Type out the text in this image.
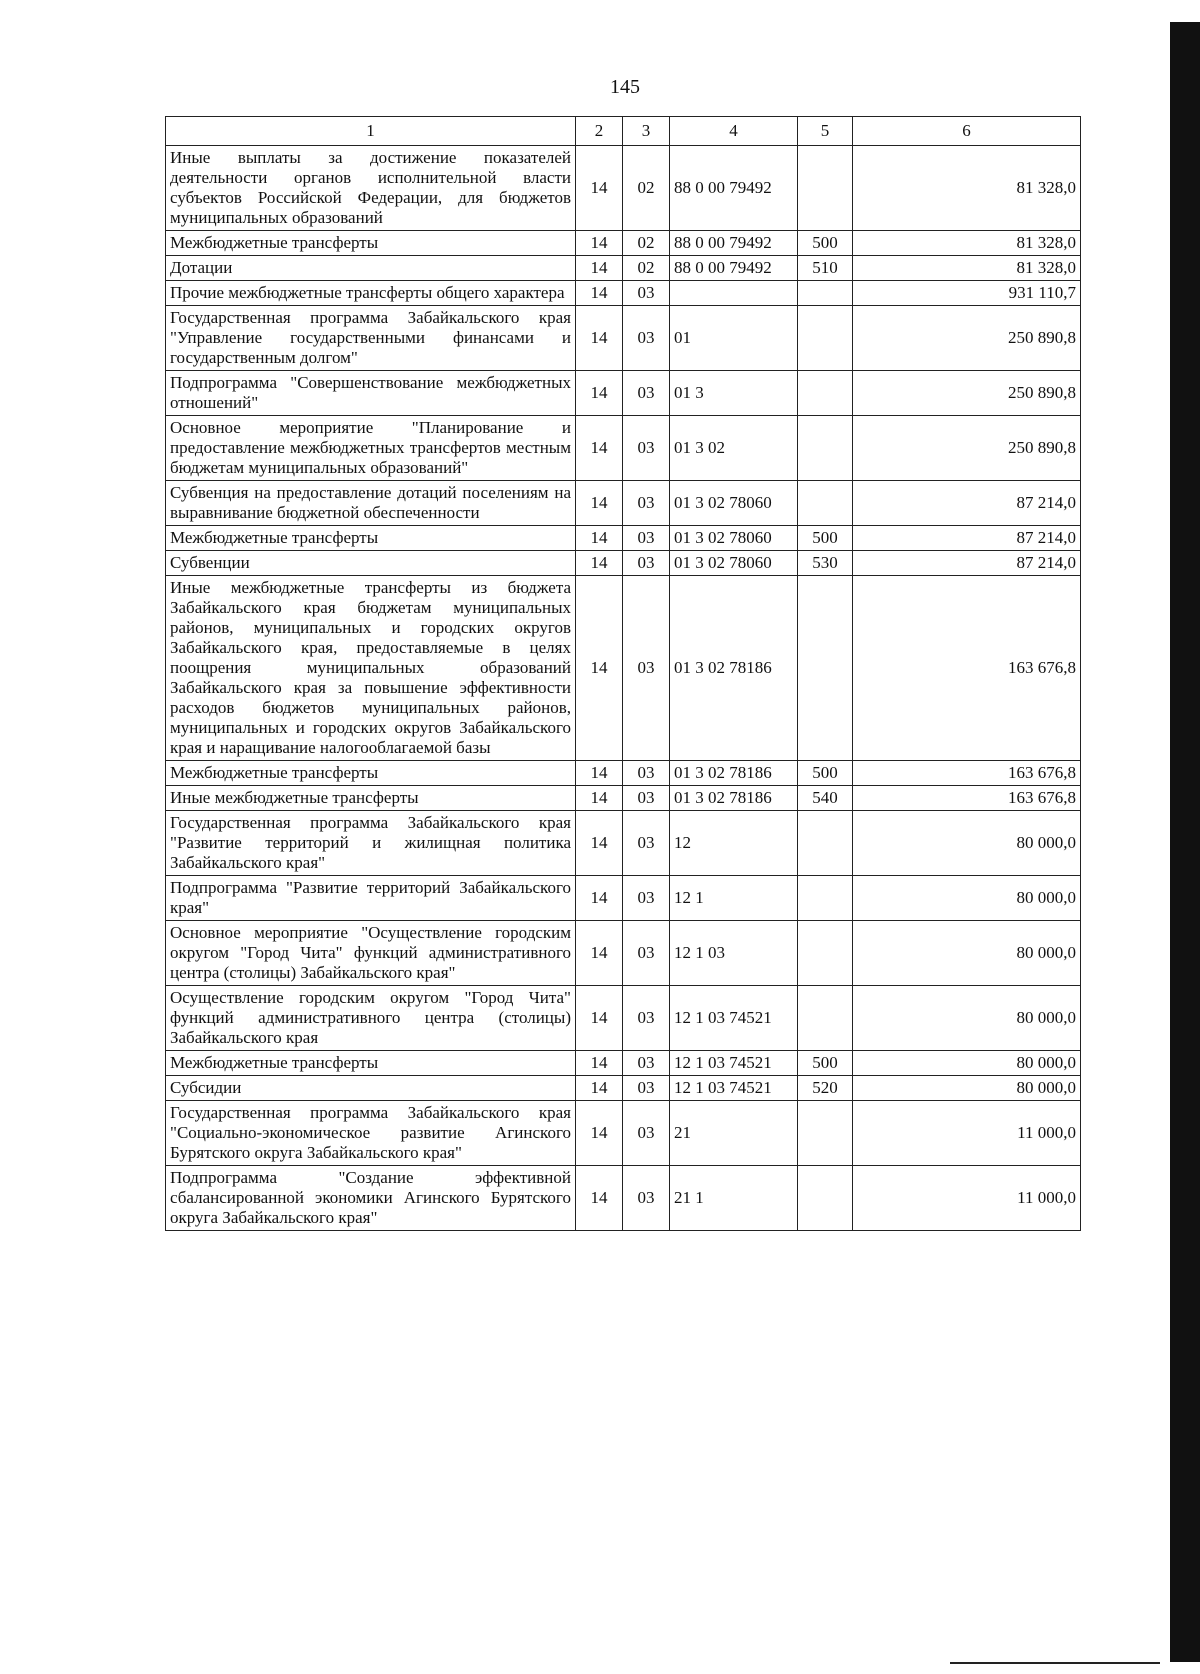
145
1	2	3	4	5	6
Иные выплаты за достижение показателей деятельности органов исполнительной власти субъектов Российской Федерации, для бюджетов муниципальных образований	14	02	88 0 00 79492		81 328,0
Межбюджетные трансферты	14	02	88 0 00 79492	500	81 328,0
Дотации	14	02	88 0 00 79492	510	81 328,0
Прочие межбюджетные трансферты общего характера	14	03			931 110,7
Государственная программа Забайкальского края "Управление государственными финансами и государственным долгом"	14	03	01		250 890,8
Подпрограмма "Совершенствование межбюджетных отношений"	14	03	01 3		250 890,8
Основное мероприятие "Планирование и предоставление межбюджетных трансфертов местным бюджетам муниципальных образований"	14	03	01 3 02		250 890,8
Субвенция на предоставление дотаций поселениям на выравнивание бюджетной обеспеченности	14	03	01 3 02 78060		87 214,0
Межбюджетные трансферты	14	03	01 3 02 78060	500	87 214,0
Субвенции	14	03	01 3 02 78060	530	87 214,0
Иные межбюджетные трансферты из бюджета Забайкальского края бюджетам муниципальных районов, муниципальных и городских округов Забайкальского края, предоставляемые в целях поощрения муниципальных образований Забайкальского края за повышение эффективности расходов бюджетов муниципальных районов, муниципальных и городских округов Забайкальского края и наращивание налогооблагаемой базы	14	03	01 3 02 78186		163 676,8
Межбюджетные трансферты	14	03	01 3 02 78186	500	163 676,8
Иные межбюджетные трансферты	14	03	01 3 02 78186	540	163 676,8
Государственная программа Забайкальского края "Развитие территорий и жилищная политика Забайкальского края"	14	03	12		80 000,0
Подпрограмма "Развитие территорий Забайкальского края"	14	03	12 1		80 000,0
Основное мероприятие "Осуществление городским округом "Город Чита" функций административного центра (столицы) Забайкальского края"	14	03	12 1 03		80 000,0
Осуществление городским округом "Город Чита" функций административного центра (столицы) Забайкальского края	14	03	12 1 03 74521		80 000,0
Межбюджетные трансферты	14	03	12 1 03 74521	500	80 000,0
Субсидии	14	03	12 1 03 74521	520	80 000,0
Государственная программа Забайкальского края "Социально-экономическое развитие Агинского Бурятского округа Забайкальского края"	14	03	21		11 000,0
Подпрограмма "Создание эффективной сбалансированной экономики Агинского Бурятского округа Забайкальского края"	14	03	21 1		11 000,0
